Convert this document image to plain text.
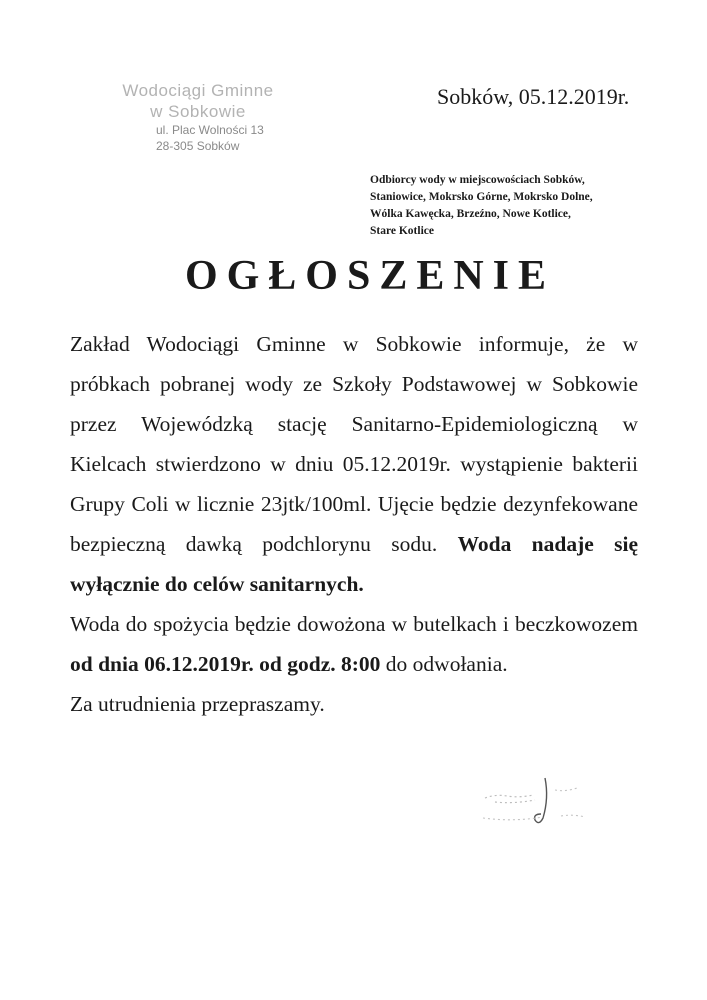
Wodociągi Gminne
w Sobkowie
ul. Plac Wolności 13
28-305 Sobków
Sobków, 05.12.2019r.
Odbiorcy wody w miejscowościach Sobków,
Staniowice, Mokrsko Górne, Mokrsko Dolne,
Wólka Kawęcka, Brzeźno, Nowe Kotlice,
Stare Kotlice
OGŁOSZENIE

Zakład Wodociągi Gminne w Sobkowie informuje, że w próbkach pobranej wody ze Szkoły Podstawowej w Sobkowie przez Wojewódzką stację Sanitarno-Epidemiologiczną w Kielcach stwierdzono w dniu 05.12.2019r. wystąpienie bakterii Grupy Coli w licznie 23jtk/100ml. Ujęcie będzie dezynfekowane bezpieczną dawką podchlorynu sodu. Woda nadaje się wyłącznie do celów sanitarnych.

Woda do spożycia będzie dowożona w butelkach i beczkowozem od dnia 06.12.2019r. od godz. 8:00 do odwołania.

Za utrudnienia przepraszamy.
